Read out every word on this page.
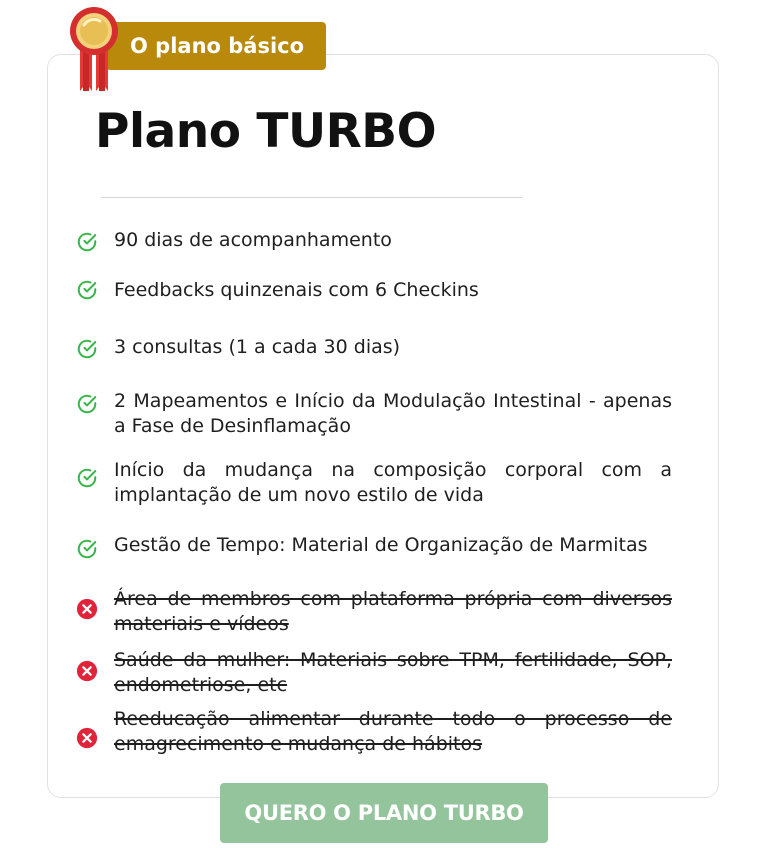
O plano básico
Plano TURBO
90 dias de acompanhamento
Feedbacks quinzenais com 6 Checkins
3 consultas (1 a cada 30 dias)
2 Mapeamentos e Início da Modulação Intestinal - apenas a Fase de Desinflamação
Início da mudança na composição corporal com a implantação de um novo estilo de vida
Gestão de Tempo: Material de Organização de Marmitas
Área de membros com plataforma própria com diversos materiais e vídeos
Saúde da mulher: Materiais sobre TPM, fertilidade, SOP, endometriose, etc
Reeducação alimentar durante todo o processo de emagrecimento e mudança de hábitos
QUERO O PLANO TURBO
